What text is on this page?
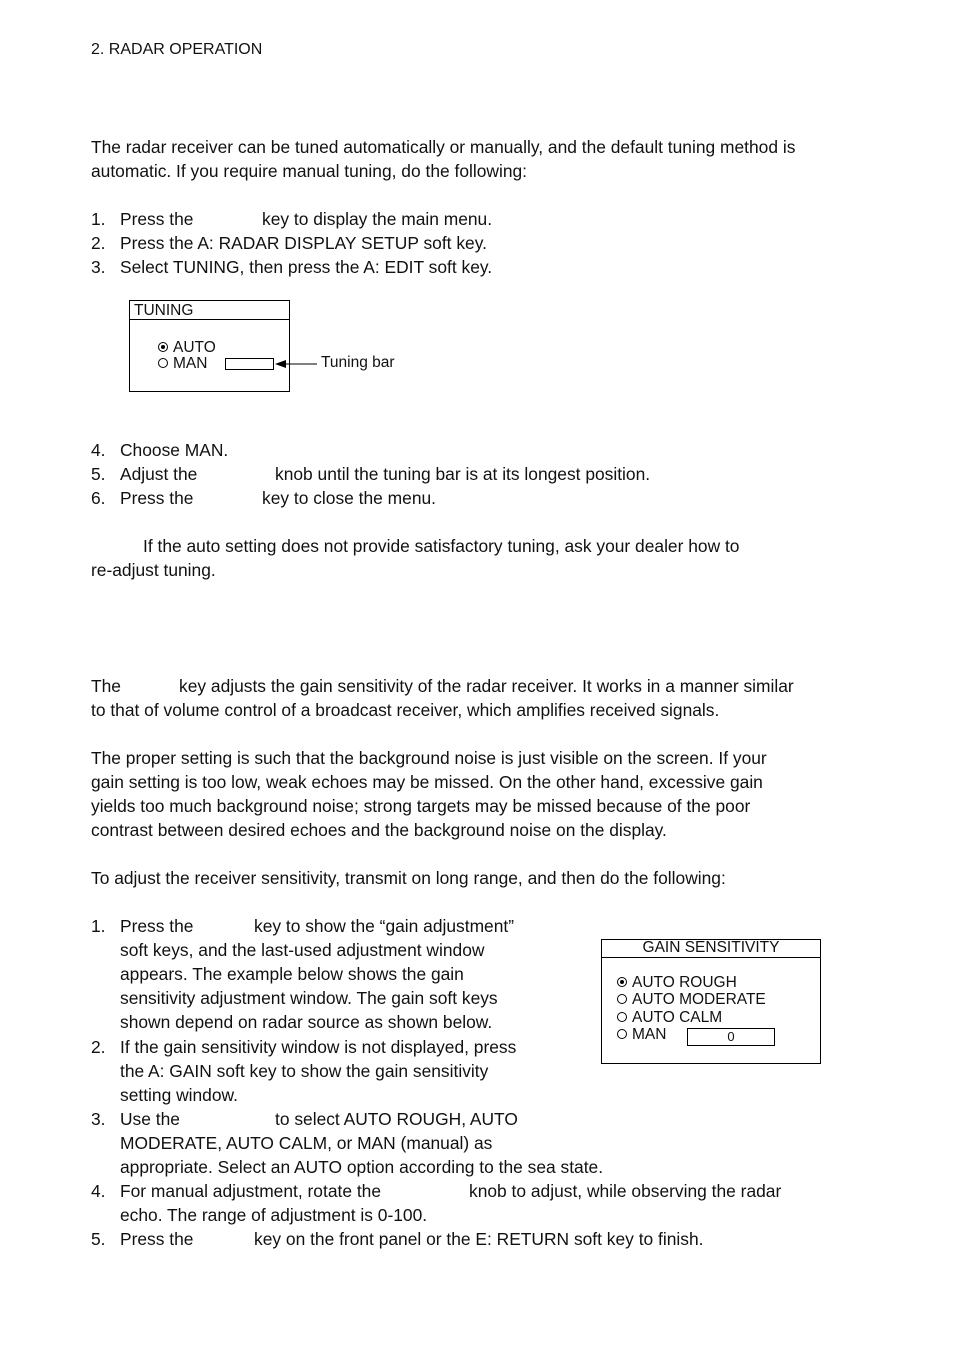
2. RADAR OPERATION
The radar receiver can be tuned automatically or manually, and the default tuning method is
automatic. If you require manual tuning, do the following:
1. Press the	key to display the main menu.
2. Press the A: RADAR DISPLAY SETUP soft key.
3. Select TUNING, then press the A: EDIT soft key.
TUNING
AUTO
MAN	Tuning bar
4. Choose MAN.
5. Adjust the	knob until the tuning bar is at its longest position.
6. Press the	key to close the menu.
If the auto setting does not provide satisfactory tuning, ask your dealer how to
re-adjust tuning.
The	key adjusts the gain sensitivity of the radar receiver. It works in a manner similar
to that of volume control of a broadcast receiver, which amplifies received signals.
The proper setting is such that the background noise is just visible on the screen. If your
gain setting is too low, weak echoes may be missed. On the other hand, excessive gain
yields too much background noise; strong targets may be missed because of the poor
contrast between desired echoes and the background noise on the display.
To adjust the receiver sensitivity, transmit on long range, and then do the following:
1. Press the	key to show the “gain adjustment”
soft keys, and the last-used adjustment window
appears. The example below shows the gain
sensitivity adjustment window. The gain soft keys
shown depend on radar source as shown below.
2. If the gain sensitivity window is not displayed, press
the A: GAIN soft key to show the gain sensitivity
setting window.
3. Use the	to select AUTO ROUGH, AUTO
MODERATE, AUTO CALM, or MAN (manual) as
appropriate. Select an AUTO option according to the sea state.
4. For manual adjustment, rotate the	knob to adjust, while observing the radar
echo. The range of adjustment is 0-100.
5. Press the	key on the front panel or the E: RETURN soft key to finish.
GAIN SENSITIVITY
AUTO ROUGH
AUTO MODERATE
AUTO CALM
MAN	0
